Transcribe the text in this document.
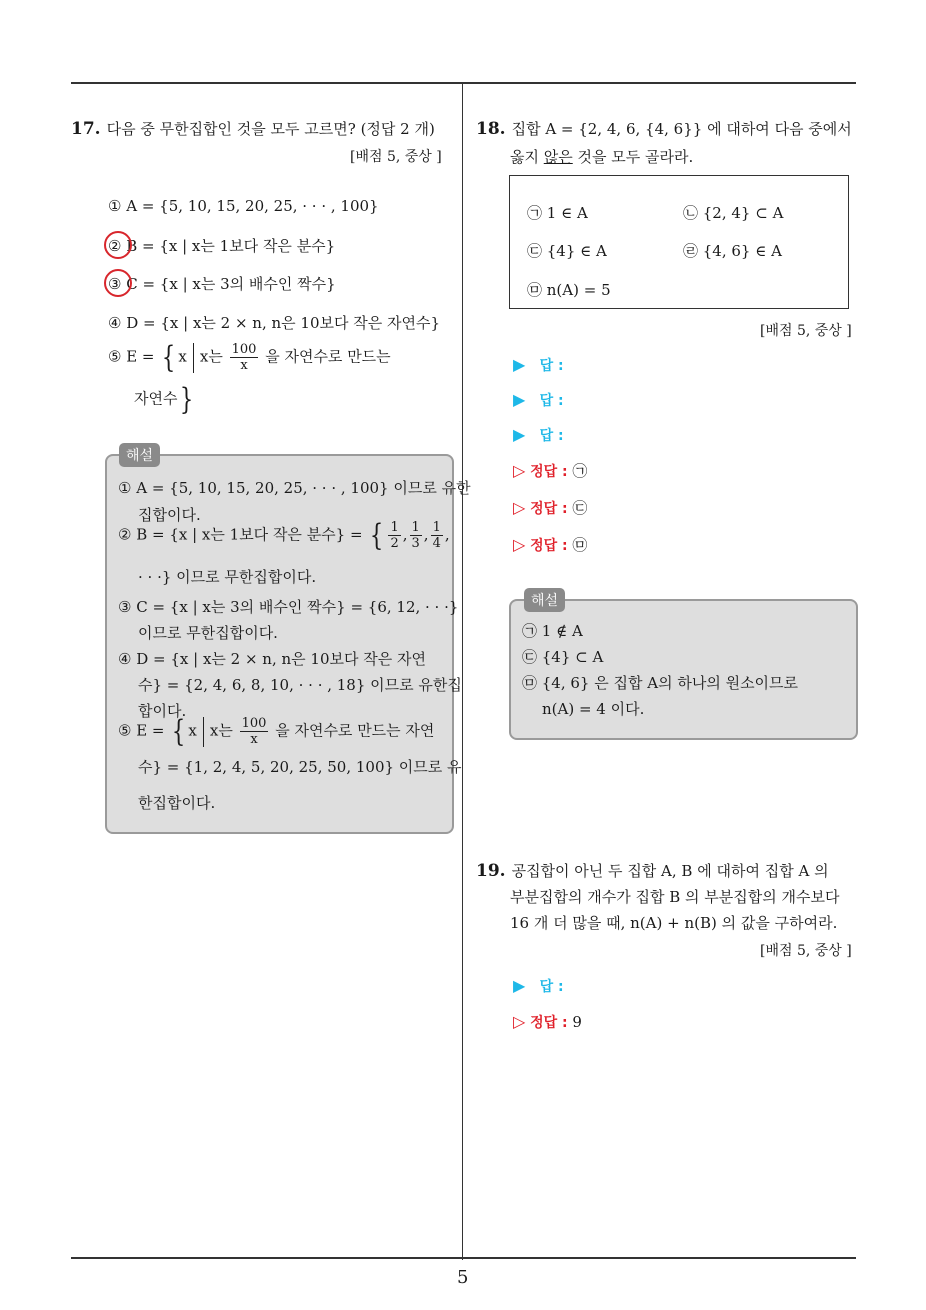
17. 다음 중 무한집합인 것을 모두 고르면? (정답 2 개)
[배점 5, 중상 ]
① A = {5, 10, 15, 20, 25, · · · , 100}
② B = {x | x는 1보다 작은 분수}
③ C = {x | x는 3의 배수인 짝수}
④ D = {x | x는 2 × n, n은 10보다 작은 자연수}
⑤ E = { x x는 $\frac{100}{x}$ 을 자연수로 만드는
자연수}
해설
① A = {5, 10, 15, 20, 25, · · · , 100} 이므로 유한
집합이다.
② B = {x | x는 1보다 작은 분수} = { $\frac{1}{2}$ , $\frac{1}{3}$ , $\frac{1}{4}$ ,
· · ·} 이므로 무한집합이다.
③ C = {x | x는 3의 배수인 짝수} = {6, 12, · · ·}
이므로 무한집합이다.
④ D = {x | x는 2 × n, n은 10보다 작은 자연
수} = {2, 4, 6, 8, 10, · · · , 18} 이므로 유한집
합이다.
⑤ E = { x x는 $\frac{100}{x}$ 을 자연수로 만드는 자연
수} = {1, 2, 4, 5, 20, 25, 50, 100} 이므로 유
한집합이다.
18. 집합 A = {2, 4, 6, {4, 6}} 에 대하여 다음 중에서
옳지 않은 것을 모두 골라라.
㉠ 1 ∈ A	㉡ {2, 4} ⊂ A
㉢ {4} ∈ A	㉣ {4, 6} ∈ A
㉤ n(A) = 5
[배점 5, 중상 ]
▶ 답 :
▶ 답 :
▶ 답 :
▷ 정답 : ㉠
▷ 정답 : ㉢
▷ 정답 : ㉤
해설
㉠ 1 ∉ A
㉢ {4} ⊂ A
㉤ {4, 6} 은 집합 A의 하나의 원소이므로
n(A) = 4 이다.
19. 공집합이 아닌 두 집합 A, B 에 대하여 집합 A 의
부분집합의 개수가 집합 B 의 부분집합의 개수보다
16 개 더 많을 때, n(A) + n(B) 의 값을 구하여라.
[배점 5, 중상 ]
▶ 답 :
▷ 정답 : 9
5
